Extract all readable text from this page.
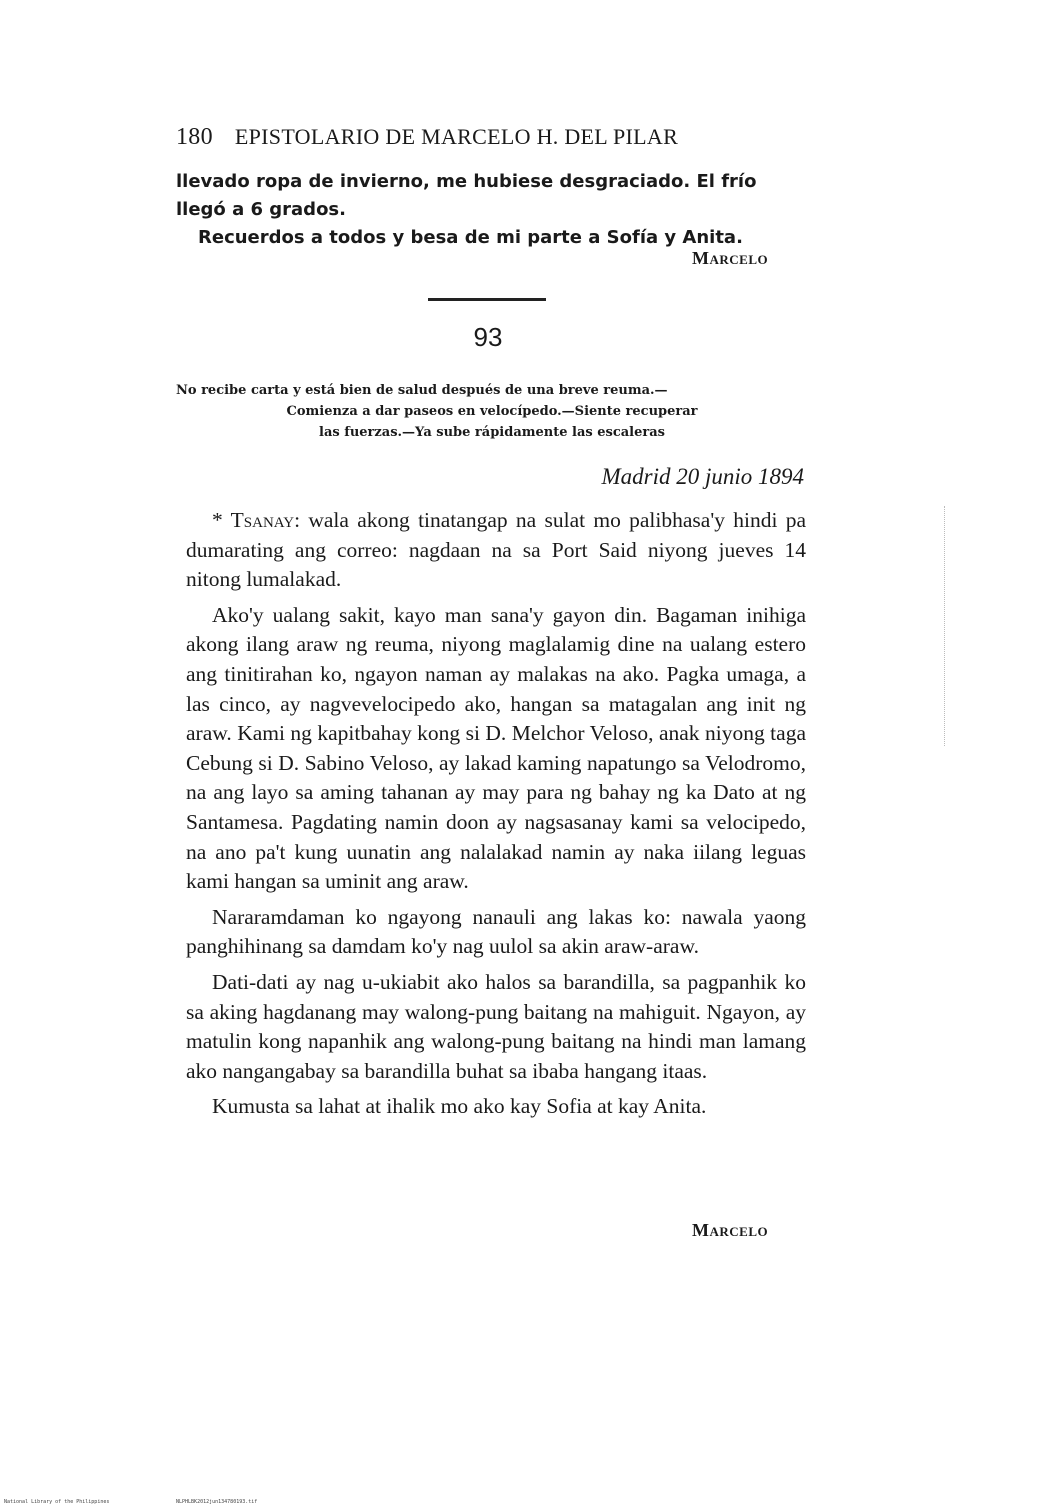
180 EPISTOLARIO DE MARCELO H. DEL PILAR

llevado ropa de invierno, me hubiese desgraciado. El frío llegó a 6 grados.

Recuerdos a todos y besa de mi parte a Sofía y Anita.

Marcelo
93
No recibe carta y está bien de salud después de una breve reuma.—
Comienza a dar paseos en velocípedo.—Siente recuperar
las fuerzas.—Ya sube rápidamente las escaleras
Madrid 20 junio 1894

* Tsanay: wala akong tinatangap na sulat mo palibhasa'y hindi pa dumarating ang correo: nagdaan na sa Port Said niyong jueves 14 nitong lumalakad.

Ako'y ualang sakit, kayo man sana'y gayon din. Bagaman inihiga akong ilang araw ng reuma, niyong maglalamig dine na ualang estero ang tinitirahan ko, ngayon naman ay malakas na ako. Pagka umaga, a las cinco, ay nagvevelocipedo ako, hangan sa matagalan ang init ng araw. Kami ng kapitbahay kong si D. Melchor Veloso, anak niyong taga Cebung si D. Sabino Veloso, ay lakad kaming napatungo sa Velodromo, na ang layo sa aming tahanan ay may para ng bahay ng ka Dato at ng Santamesa. Pagdating namin doon ay nagsasanay kami sa velocipedo, na ano pa't kung uunatin ang nalalakad namin ay naka iilang leguas kami hangan sa uminit ang araw.

Nararamdaman ko ngayong nanauli ang lakas ko: nawala yaong panghihinang sa damdam ko'y nag uulol sa akin araw-araw.

Dati-dati ay nag u-ukiabit ako halos sa barandilla, sa pagpanhik ko sa aking hagdanang may walong-pung baitang na mahiguit. Ngayon, ay matulin kong napanhik ang walong-pung baitang na hindi man lamang ako nangangabay sa barandilla buhat sa ibaba hangang itaas.

Kumusta sa lahat at ihalik mo ako kay Sofia at kay Anita.

Marcelo
National Library of the Philippines	NLPHLBK2012jun13478019З.tif
